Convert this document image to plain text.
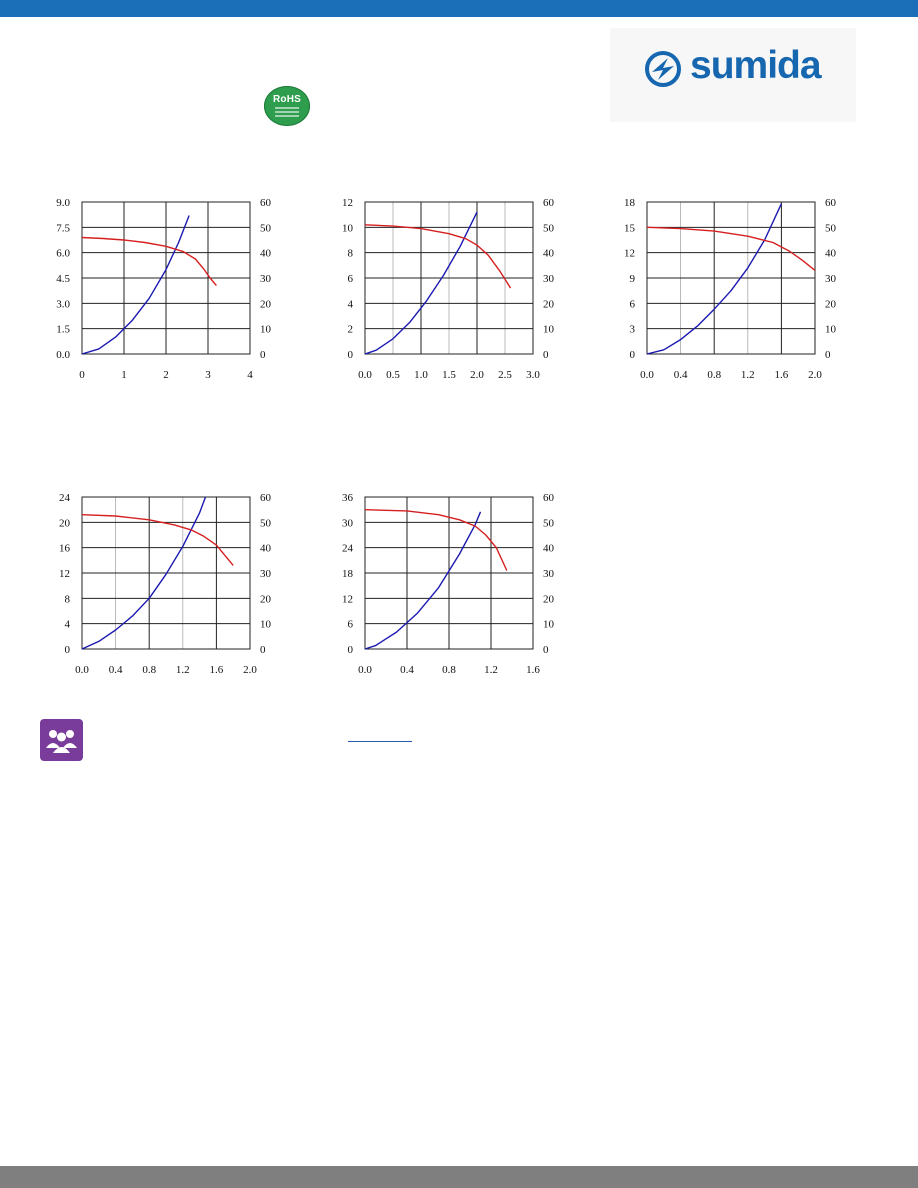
RoHS
sumida
0	1	2	3	4
0.0	0
1.5	10
3.0	20
4.5	30
6.0	40
7.5	50
9.0	60
0.0 0.5 1.0 1.5 2.0 2.5 3.0
0	0
2	10
4	20
6	30
8	40
10	50
12	60
0.0 0.4 0.8 1.2 1.6 2.0
0	0
3	10
6	20
9	30
12	40
15	50
18	60
0.0 0.4 0.8 1.2 1.6 2.0
0	0
4	10
8	20
12	30
16	40
20	50
24	60
0.0	0.4	0.8	1.2	1.6
0	0
6	10
12	20
18	30
24	40
30	50
36	60
